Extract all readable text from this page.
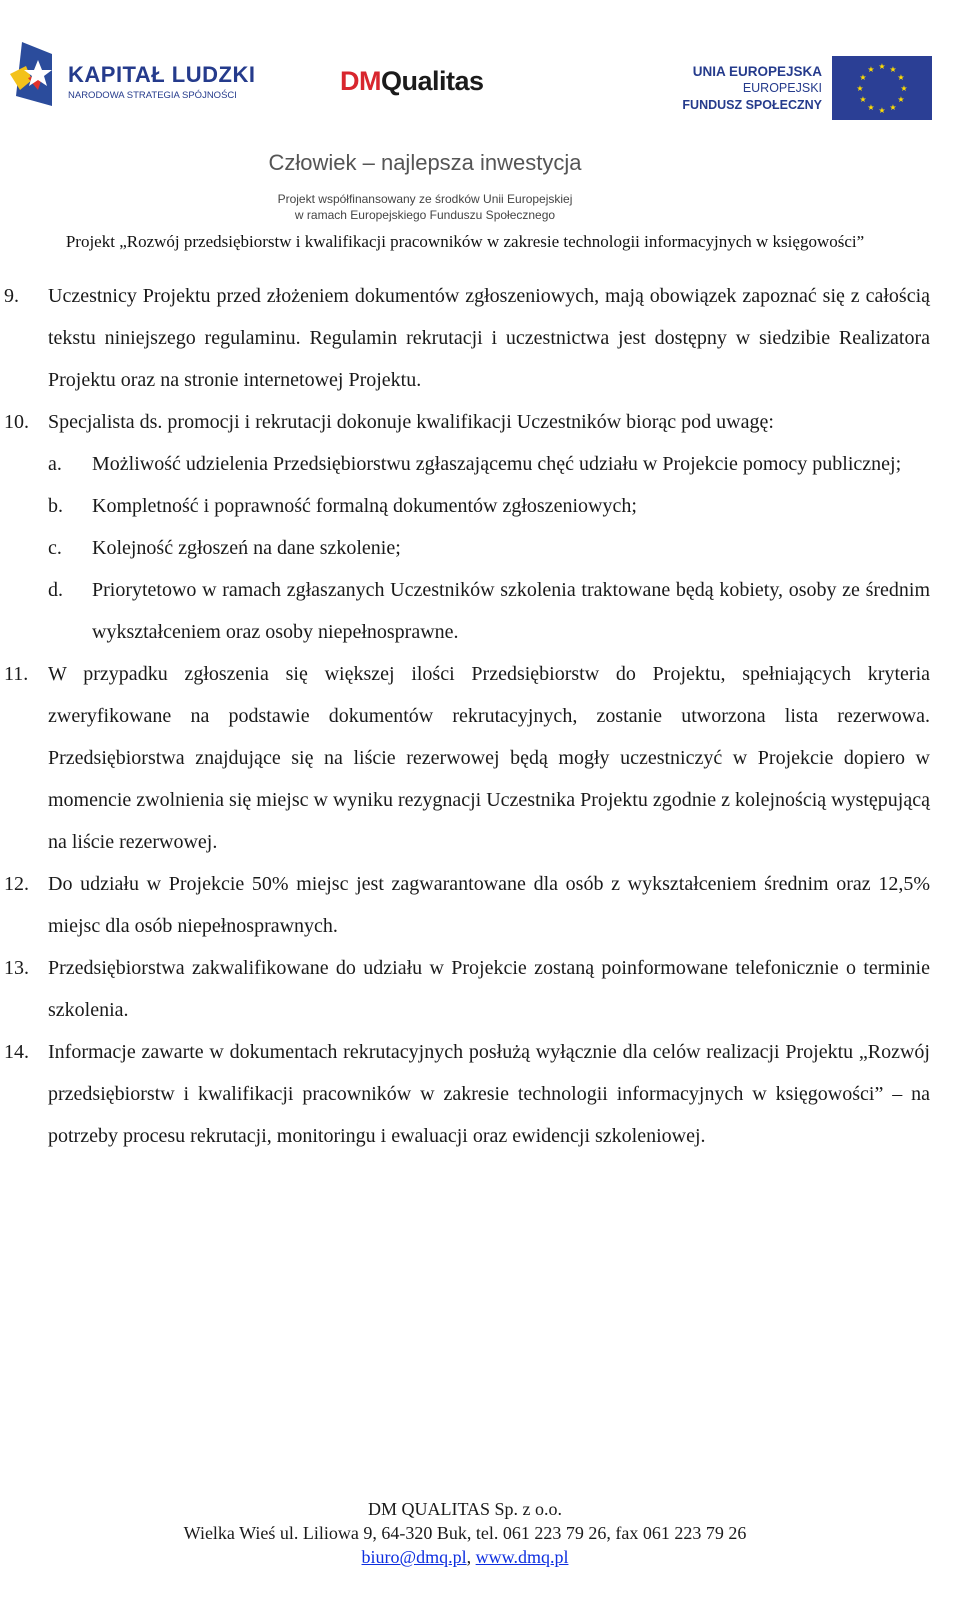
KAPITAŁ LUDZKI
NARODOWA STRATEGIA SPÓJNOŚCI	DMQualitas	UNIA EUROPEJSKA
EUROPEJSKI
FUNDUSZ SPOŁECZNY
★ ★
★
★
★
★
★
★
★
★
★
★
Człowiek – najlepsza inwestycja
Projekt współfinansowany ze środków Unii Europejskiej
w ramach Europejskiego Funduszu Społecznego
Projekt „Rozwój przedsiębiorstw i kwalifikacji pracowników w zakresie technologii informacyjnych w księgowości”
9. Uczestnicy Projektu przed złożeniem dokumentów zgłoszeniowych, mają obowiązek zapoznać się z całością tekstu niniejszego regulaminu. Regulamin rekrutacji i uczestnictwa jest dostępny w siedzibie Realizatora Projektu oraz na stronie internetowej Projektu.
10. Specjalista ds. promocji i rekrutacji dokonuje kwalifikacji Uczestników biorąc pod uwagę:
a. Możliwość udzielenia Przedsiębiorstwu zgłaszającemu chęć udziału w Projekcie pomocy publicznej;
b. Kompletność i poprawność formalną dokumentów zgłoszeniowych;
c. Kolejność zgłoszeń na dane szkolenie;
d. Priorytetowo w ramach zgłaszanych Uczestników szkolenia traktowane będą kobiety, osoby ze średnim wykształceniem oraz osoby niepełnosprawne.
11. W przypadku zgłoszenia się większej ilości Przedsiębiorstw do Projektu, spełniających kryteria zweryfikowane na podstawie dokumentów rekrutacyjnych, zostanie utworzona lista rezerwowa. Przedsiębiorstwa znajdujące się na liście rezerwowej będą mogły uczestniczyć w Projekcie dopiero w momencie zwolnienia się miejsc w wyniku rezygnacji Uczestnika Projektu zgodnie z kolejnością występującą na liście rezerwowej.
12. Do udziału w Projekcie 50% miejsc jest zagwarantowane dla osób z wykształceniem średnim oraz 12,5% miejsc dla osób niepełnosprawnych.
13. Przedsiębiorstwa zakwalifikowane do udziału w Projekcie zostaną poinformowane telefonicznie o terminie szkolenia.
14. Informacje zawarte w dokumentach rekrutacyjnych posłużą wyłącznie dla celów realizacji Projektu „Rozwój przedsiębiorstw i kwalifikacji pracowników w zakresie technologii informacyjnych w księgowości” – na potrzeby procesu rekrutacji, monitoringu i ewaluacji oraz ewidencji szkoleniowej.
DM QUALITAS Sp. z o.o.
Wielka Wieś ul. Liliowa 9, 64-320 Buk, tel. 061 223 79 26, fax 061 223 79 26
biuro@dmq.pl, www.dmq.pl
